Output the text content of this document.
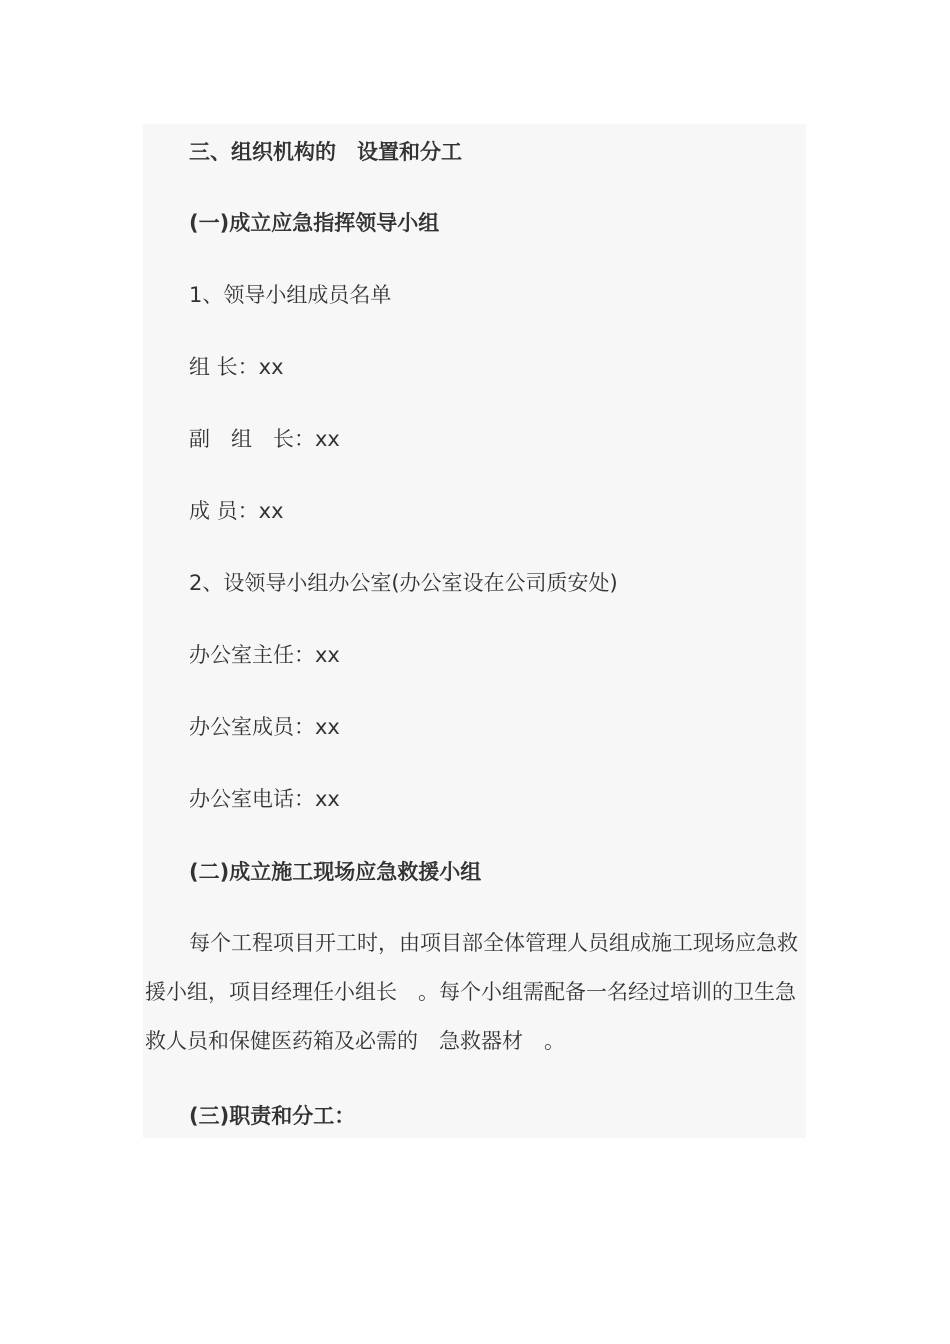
三、组织机构的　设置和分工

(一)成立应急指挥领导小组

1、领导小组成员名单

组 长：xx

副　组　长：xx

成 员：xx

2、设领导小组办公室(办公室设在公司质安处)

办公室主任：xx

办公室成员：xx

办公室电话：xx

(二)成立施工现场应急救援小组

每个工程项目开工时，由项目部全体管理人员组成施工现场应急救援小组，项目经理任小组长　。每个小组需配备一名经过培训的卫生急救人员和保健医药箱及必需的　急救器材　。

(三)职责和分工：
